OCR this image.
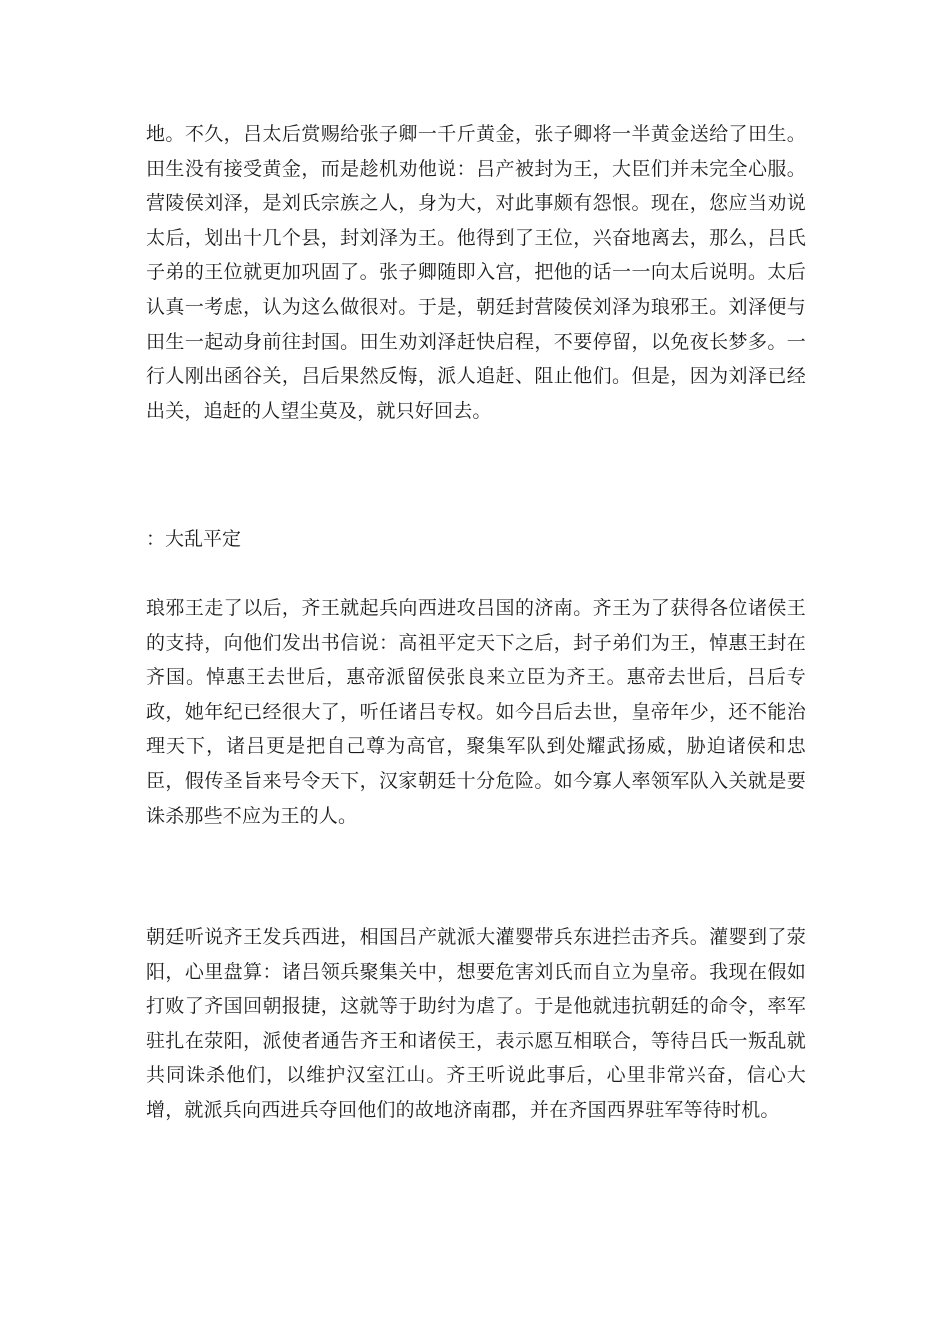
地。不久，吕太后赏赐给张子卿一千斤黄金，张子卿将一半黄金送给了田生。田生没有接受黄金，而是趁机劝他说：吕产被封为王，大臣们并未完全心服。营陵侯刘泽，是刘氏宗族之人，身为大，对此事颇有怨恨。现在，您应当劝说太后，划出十几个县，封刘泽为王。他得到了王位，兴奋地离去，那么，吕氏子弟的王位就更加巩固了。张子卿随即入宫，把他的话一一向太后说明。太后认真一考虑，认为这么做很对。于是，朝廷封营陵侯刘泽为琅邪王。刘泽便与田生一起动身前往封国。田生劝刘泽赶快启程，不要停留，以免夜长梦多。一行人刚出函谷关，吕后果然反悔，派人追赶、阻止他们。但是，因为刘泽已经出关，追赶的人望尘莫及，就只好回去。

：大乱平定

琅邪王走了以后，齐王就起兵向西进攻吕国的济南。齐王为了获得各位诸侯王的支持，向他们发出书信说：高祖平定天下之后，封子弟们为王，悼惠王封在齐国。悼惠王去世后，惠帝派留侯张良来立臣为齐王。惠帝去世后，吕后专政，她年纪已经很大了，听任诸吕专权。如今吕后去世，皇帝年少，还不能治理天下，诸吕更是把自己尊为高官，聚集军队到处耀武扬威，胁迫诸侯和忠臣，假传圣旨来号令天下，汉家朝廷十分危险。如今寡人率领军队入关就是要诛杀那些不应为王的人。

朝廷听说齐王发兵西进，相国吕产就派大灌婴带兵东进拦击齐兵。灌婴到了荥阳，心里盘算：诸吕领兵聚集关中，想要危害刘氏而自立为皇帝。我现在假如打败了齐国回朝报捷，这就等于助纣为虐了。于是他就违抗朝廷的命令，率军驻扎在荥阳，派使者通告齐王和诸侯王，表示愿互相联合，等待吕氏一叛乱就共同诛杀他们，以维护汉室江山。齐王听说此事后，心里非常兴奋，信心大增，就派兵向西进兵夺回他们的故地济南郡，并在齐国西界驻军等待时机。
